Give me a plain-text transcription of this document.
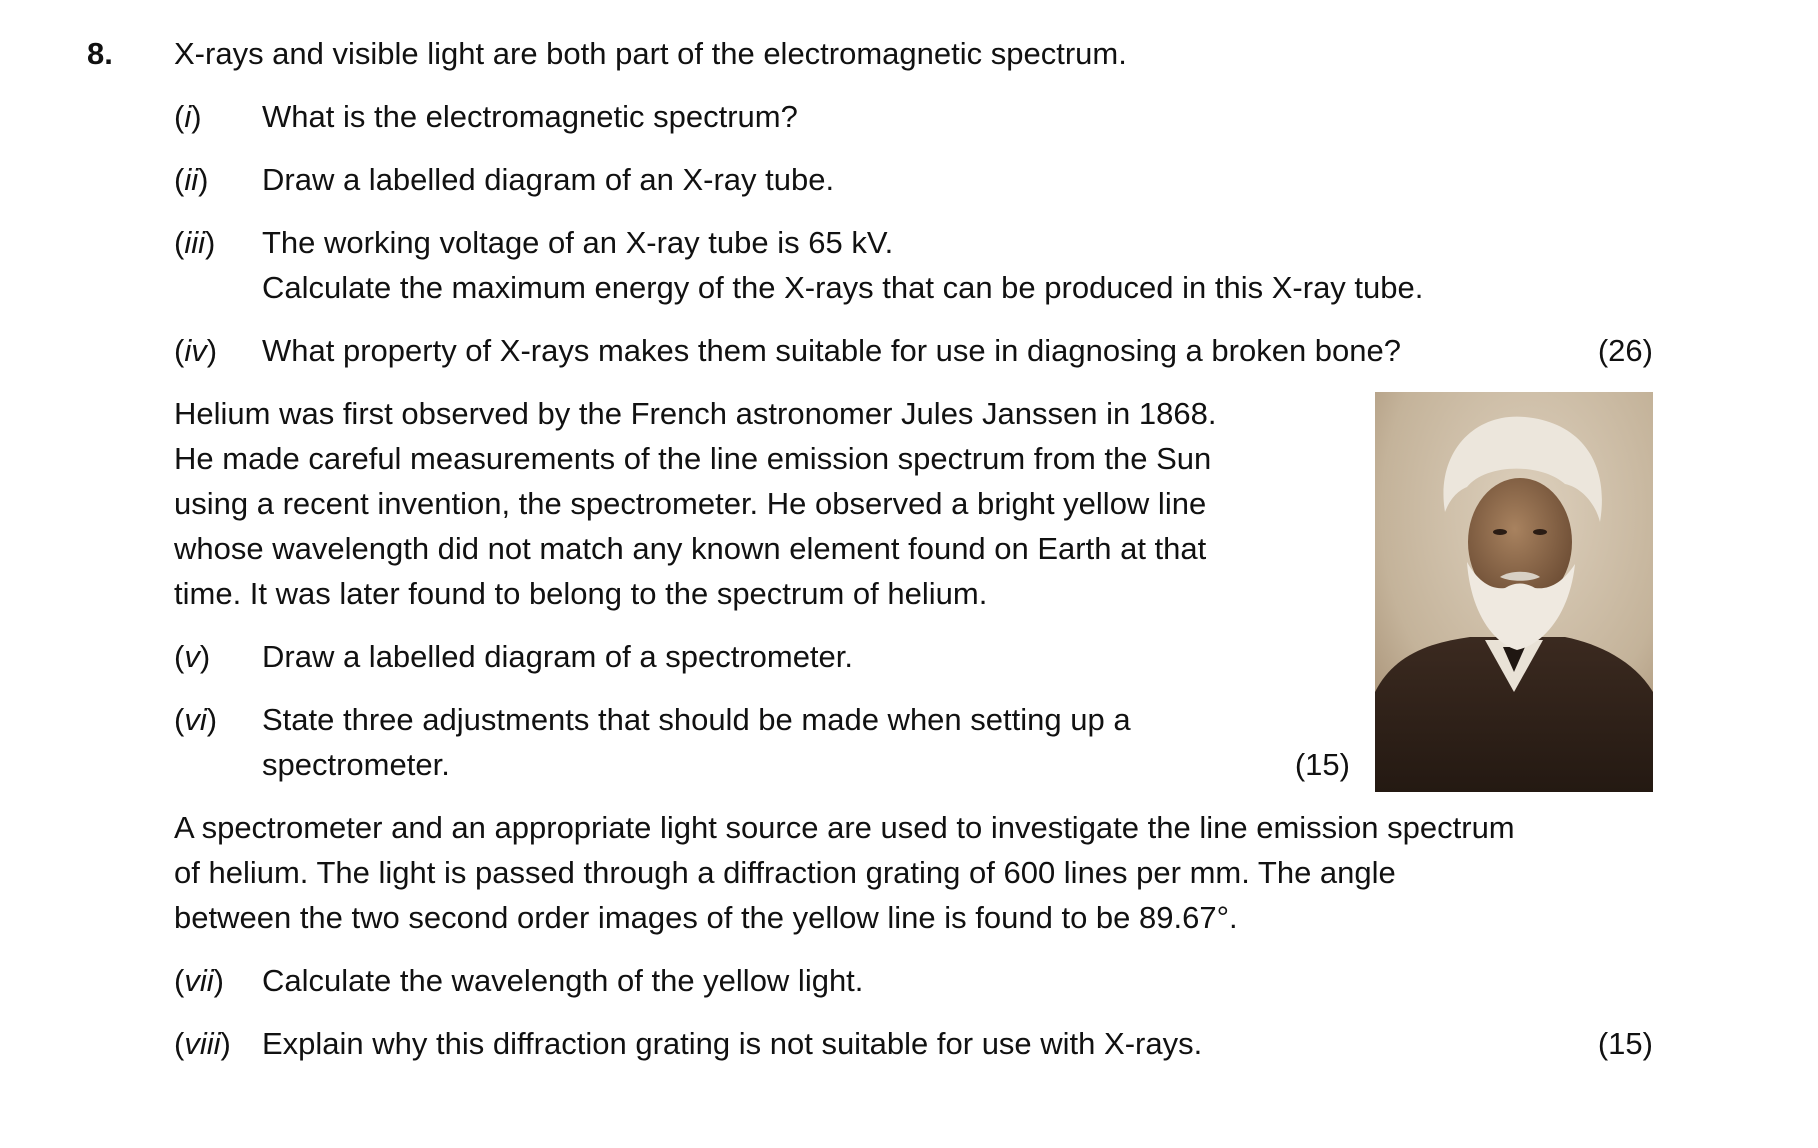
8. X-rays and visible light are both part of the electromagnetic spectrum.
(i) What is the electromagnetic spectrum?
(ii) Draw a labelled diagram of an X-ray tube.
(iii) The working voltage of an X-ray tube is 65 kV.
Calculate the maximum energy of the X-rays that can be produced in this X-ray tube.
(iv) What property of X-rays makes them suitable for use in diagnosing a broken bone?	(26)
Helium was first observed by the French astronomer Jules Janssen in 1868.
He made careful measurements of the line emission spectrum from the Sun
using a recent invention, the spectrometer. He observed a bright yellow line
whose wavelength did not match any known element found on Earth at that
time. It was later found to belong to the spectrum of helium.
(v) Draw a labelled diagram of a spectrometer.
(vi) State three adjustments that should be made when setting up a
spectrometer.	(15)
A spectrometer and an appropriate light source are used to investigate the line emission spectrum
of helium. The light is passed through a diffraction grating of 600 lines per mm. The angle
between the two second order images of the yellow line is found to be 89.67°.
(vii) Calculate the wavelength of the yellow light.
(viii) Explain why this diffraction grating is not suitable for use with X-rays.	(15)
